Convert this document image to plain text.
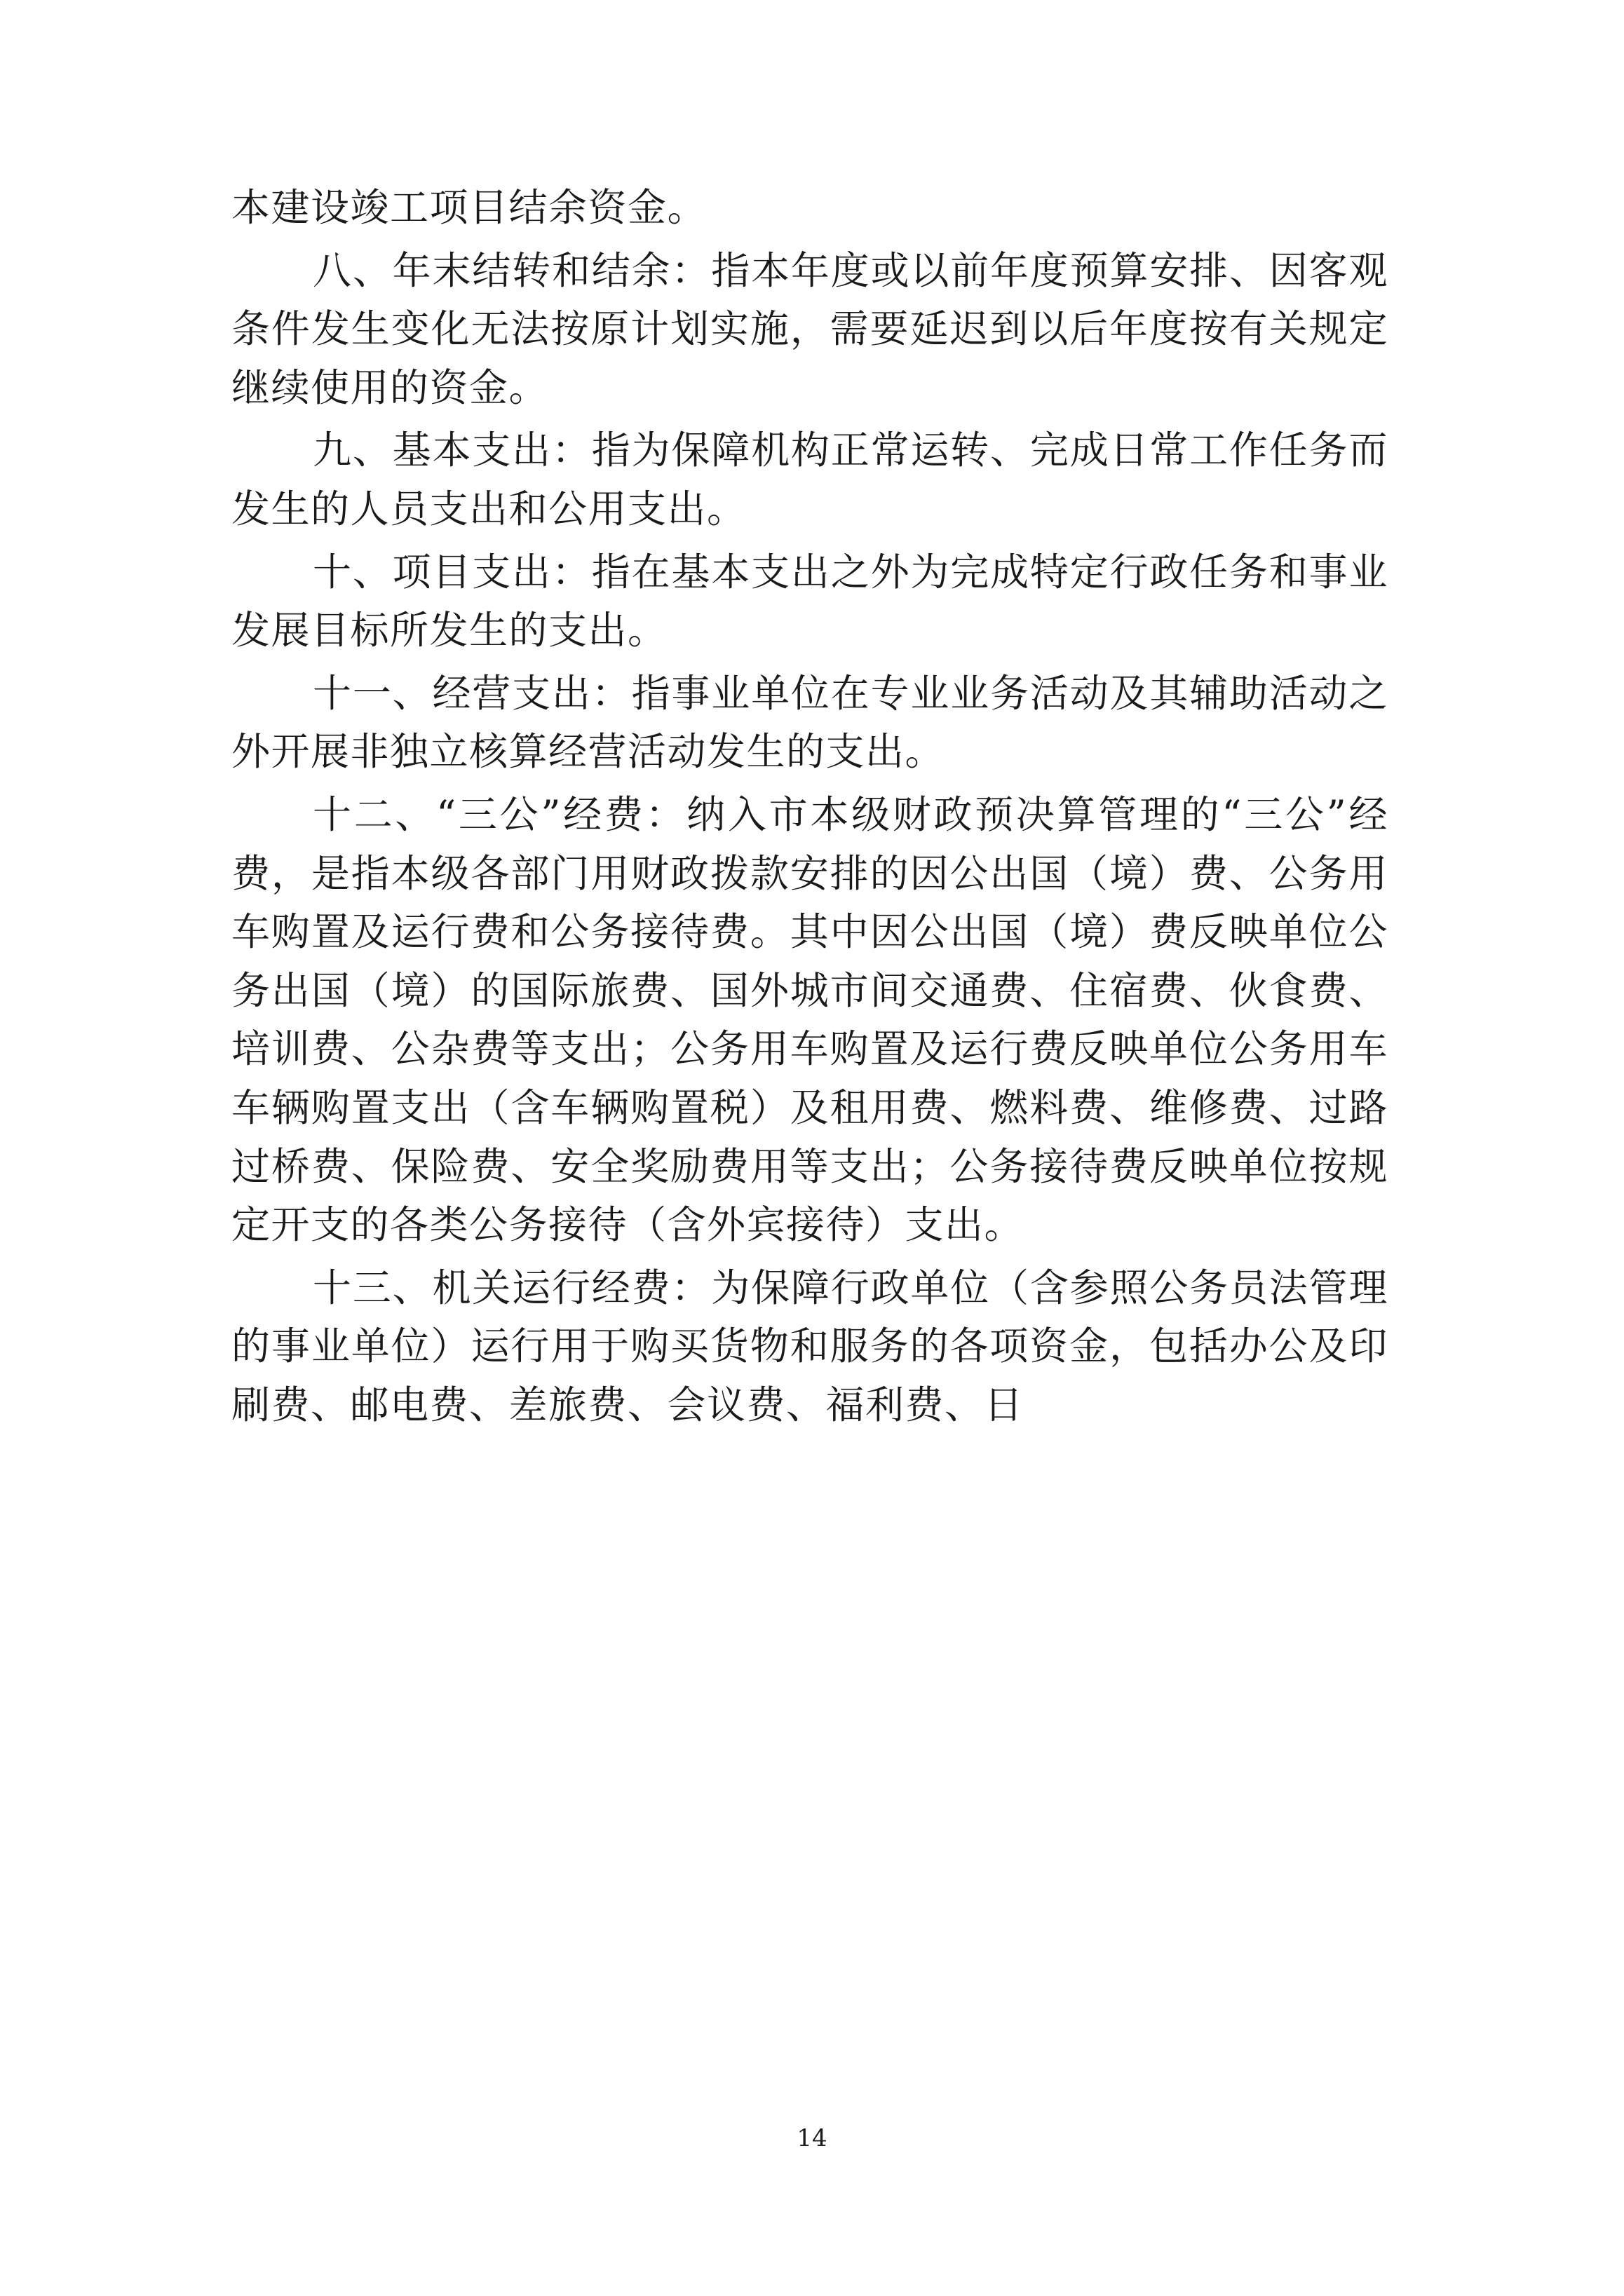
本建设竣工项目结余资金。

八、年末结转和结余：指本年度或以前年度预算安排、因客观条件发生变化无法按原计划实施，需要延迟到以后年度按有关规定继续使用的资金。

九、基本支出：指为保障机构正常运转、完成日常工作任务而发生的人员支出和公用支出。

十、项目支出：指在基本支出之外为完成特定行政任务和事业发展目标所发生的支出。

十一、经营支出：指事业单位在专业业务活动及其辅助活动之外开展非独立核算经营活动发生的支出。

十二、“三公”经费：纳入市本级财政预决算管理的“三公”经费，是指本级各部门用财政拨款安排的因公出国（境）费、公务用车购置及运行费和公务接待费。其中因公出国（境）费反映单位公务出国（境）的国际旅费、国外城市间交通费、住宿费、伙食费、培训费、公杂费等支出；公务用车购置及运行费反映单位公务用车车辆购置支出（含车辆购置税）及租用费、燃料费、维修费、过路过桥费、保险费、安全奖励费用等支出；公务接待费反映单位按规定开支的各类公务接待（含外宾接待）支出。

十三、机关运行经费：为保障行政单位（含参照公务员法管理的事业单位）运行用于购买货物和服务的各项资金，包括办公及印刷费、邮电费、差旅费、会议费、福利费、日

14
